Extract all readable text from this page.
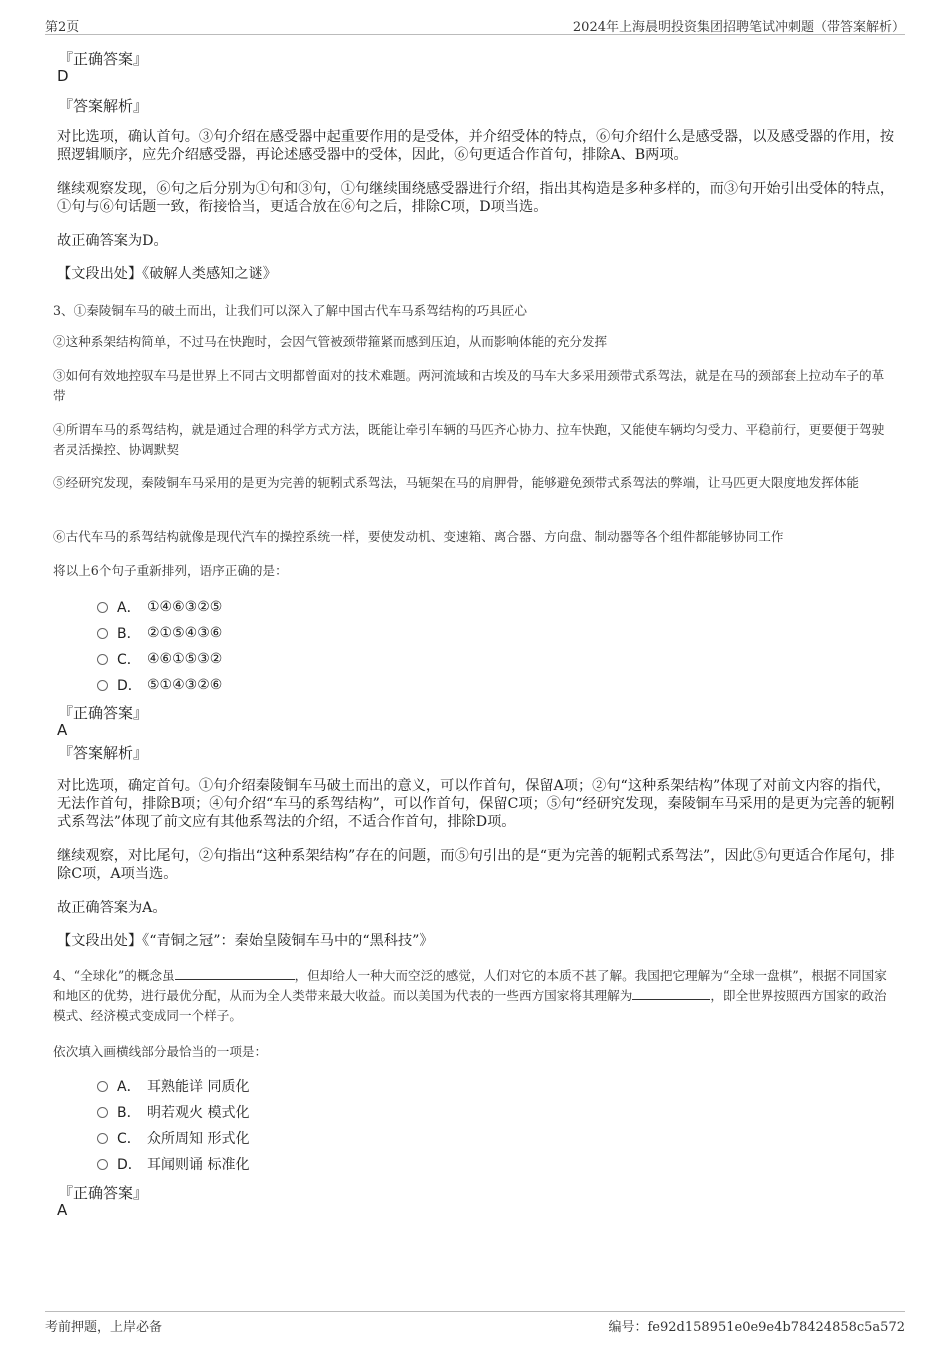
第2页	2024年上海晨明投资集团招聘笔试冲刺题（带答案解析）
『正确答案』
D
『答案解析』
对比选项，确认首句。③句介绍在感受器中起重要作用的是受体，并介绍受体的特点，⑥句介绍什么是感受器，以及感受器的作用，按照逻辑顺序，应先介绍感受器，再论述感受器中的受体，因此，⑥句更适合作首句，排除A、B两项。
继续观察发现，⑥句之后分别为①句和③句，①句继续围绕感受器进行介绍，指出其构造是多种多样的，而③句开始引出受体的特点，①句与⑥句话题一致，衔接恰当，更适合放在⑥句之后，排除C项，D项当选。
故正确答案为D。
【文段出处】《破解人类感知之谜》
3、①秦陵铜车马的破土而出，让我们可以深入了解中国古代车马系驾结构的巧具匠心
②这种系架结构简单，不过马在快跑时，会因气管被颈带箍紧而感到压迫，从而影响体能的充分发挥
③如何有效地控驭车马是世界上不同古文明都曾面对的技术难题。两河流域和古埃及的马车大多采用颈带式系驾法，就是在马的颈部套上拉动车子的革带
④所谓车马的系驾结构，就是通过合理的科学方式方法，既能让牵引车辆的马匹齐心协力、拉车快跑，又能使车辆均匀受力、平稳前行，更要便于驾驶者灵活操控、协调默契
⑤经研究发现，秦陵铜车马采用的是更为完善的轭靷式系驾法，马轭架在马的肩胛骨，能够避免颈带式系驾法的弊端，让马匹更大限度地发挥体能
⑥古代车马的系驾结构就像是现代汽车的操控系统一样，要使发动机、变速箱、离合器、方向盘、制动器等各个组件都能够协同工作
将以上6个句子重新排列，语序正确的是：
A． ①④⑥③②⑤
B． ②①⑤④③⑥
C． ④⑥①⑤③②
D． ⑤①④③②⑥
『正确答案』
A
『答案解析』
对比选项，确定首句。①句介绍秦陵铜车马破土而出的意义，可以作首句，保留A项；②句“这种系架结构”体现了对前文内容的指代，无法作首句，排除B项；④句介绍“车马的系驾结构”，可以作首句，保留C项；⑤句“经研究发现，秦陵铜车马采用的是更为完善的轭靷式系驾法”体现了前文应有其他系驾法的介绍，不适合作首句，排除D项。
继续观察，对比尾句，②句指出“这种系架结构”存在的问题，而⑤句引出的是“更为完善的轭靷式系驾法”，因此⑤句更适合作尾句，排除C项，A项当选。
故正确答案为A。
【文段出处】《“青铜之冠”：秦始皇陵铜车马中的“黑科技”》
4、“全球化”的概念虽	，但却给人一种大而空泛的感觉，人们对它的本质不甚了解。我国把它理解为“全球一盘棋”，根据不同国家和地区的优势，进行最优分配，从而为全人类带来最大收益。而以美国为代表的一些西方国家将其理解为	，即全世界按照西方国家的政治模式、经济模式变成同一个样子。
依次填入画横线部分最恰当的一项是：
A． 耳熟能详 同质化
B． 明若观火 模式化
C． 众所周知 形式化
D． 耳闻则诵 标准化
『正确答案』
A
考前押题，上岸必备	编号：fe92d158951e0e9e4b78424858c5a572
